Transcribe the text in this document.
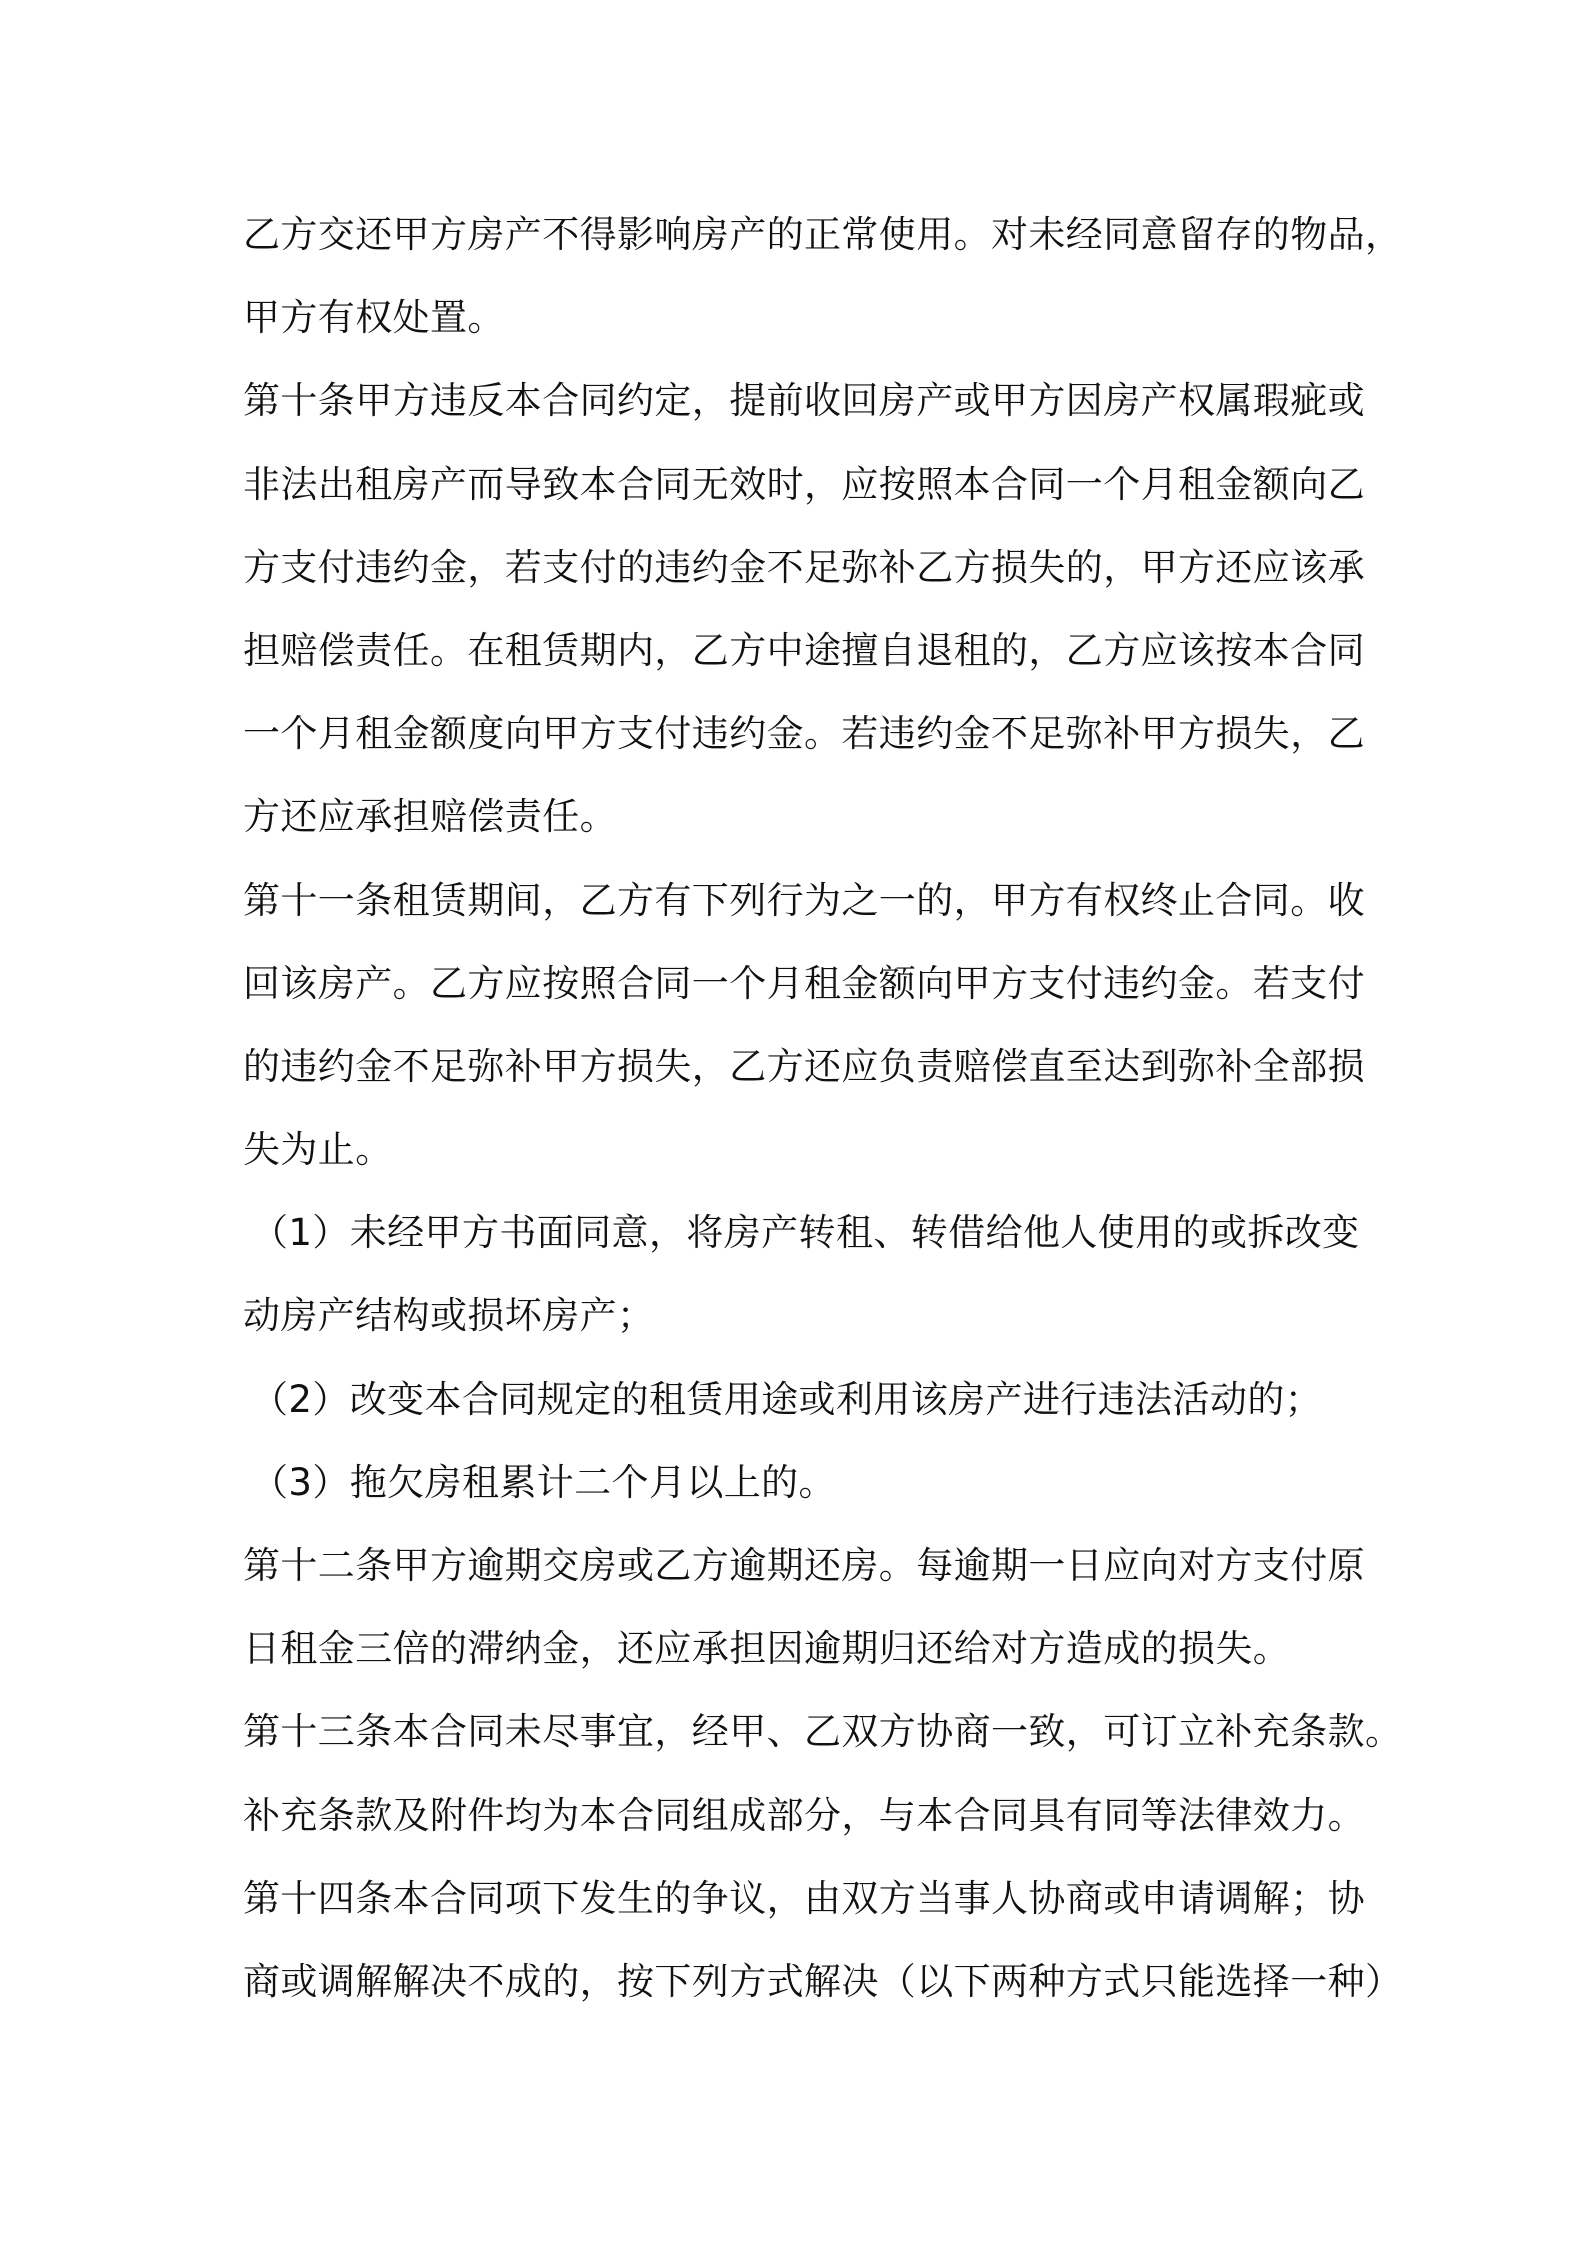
乙方交还甲方房产不得影响房产的正常使用。对未经同意留存的物品，
甲方有权处置。
第十条甲方违反本合同约定，提前收回房产或甲方因房产权属瑕疵或
非法出租房产而导致本合同无效时，应按照本合同一个月租金额向乙
方支付违约金，若支付的违约金不足弥补乙方损失的，甲方还应该承
担赔偿责任。在租赁期内，乙方中途擅自退租的，乙方应该按本合同
一个月租金额度向甲方支付违约金。若违约金不足弥补甲方损失，乙
方还应承担赔偿责任。
第十一条租赁期间，乙方有下列行为之一的，甲方有权终止合同。收
回该房产。乙方应按照合同一个月租金额向甲方支付违约金。若支付
的违约金不足弥补甲方损失，乙方还应负责赔偿直至达到弥补全部损
失为止。
（1）未经甲方书面同意，将房产转租、转借给他人使用的或拆改变
动房产结构或损坏房产；
（2）改变本合同规定的租赁用途或利用该房产进行违法活动的；
（3）拖欠房租累计二个月以上的。
第十二条甲方逾期交房或乙方逾期还房。每逾期一日应向对方支付原
日租金三倍的滞纳金，还应承担因逾期归还给对方造成的损失。
第十三条本合同未尽事宜，经甲、乙双方协商一致，可订立补充条款。
补充条款及附件均为本合同组成部分，与本合同具有同等法律效力。
第十四条本合同项下发生的争议，由双方当事人协商或申请调解；协
商或调解解决不成的，按下列方式解决（以下两种方式只能选择一种）
